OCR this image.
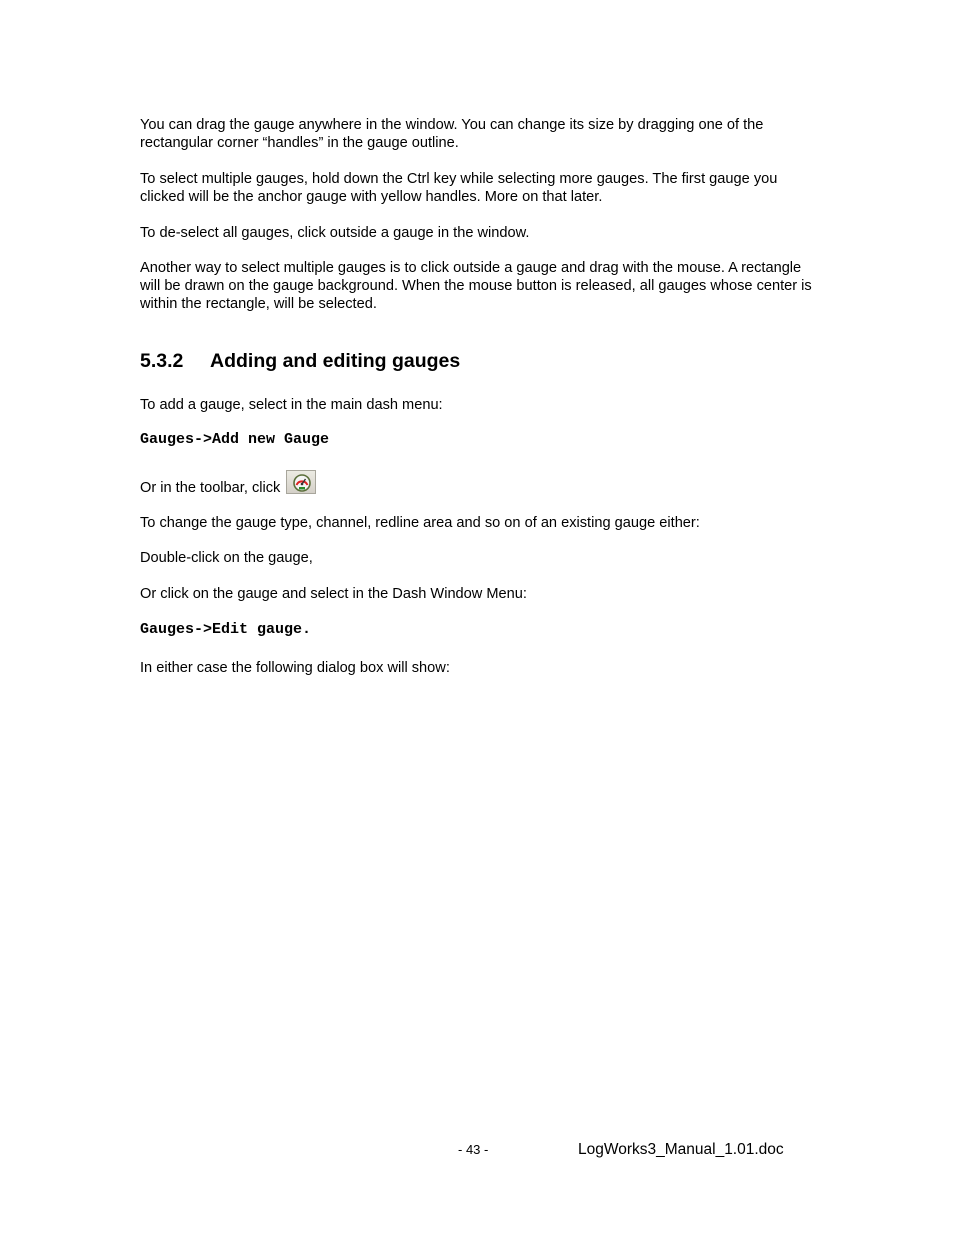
You can drag the gauge anywhere in the window. You can change its size by dragging one of the rectangular corner “handles” in the gauge outline.

To select multiple gauges, hold down the Ctrl key while selecting more gauges. The first gauge you clicked will be the anchor gauge with yellow handles. More on that later.

To de-select all gauges, click outside a gauge in the window.

Another way to select multiple gauges is to click outside a gauge and drag with the mouse. A rectangle will be drawn on the gauge background. When the mouse button is released, all gauges whose center is within the rectangle, will be selected.

5.3.2 Adding and editing gauges

To add a gauge, select in the main dash menu:

Gauges->Add new Gauge

Or in the toolbar, click

To change the gauge type, channel, redline area and so on of an existing gauge either:

Double-click on the gauge,

Or click on the gauge and select in the Dash Window Menu:

Gauges->Edit gauge.

In either case the following dialog box will show:

- 43 -	LogWorks3_Manual_1.01.doc
